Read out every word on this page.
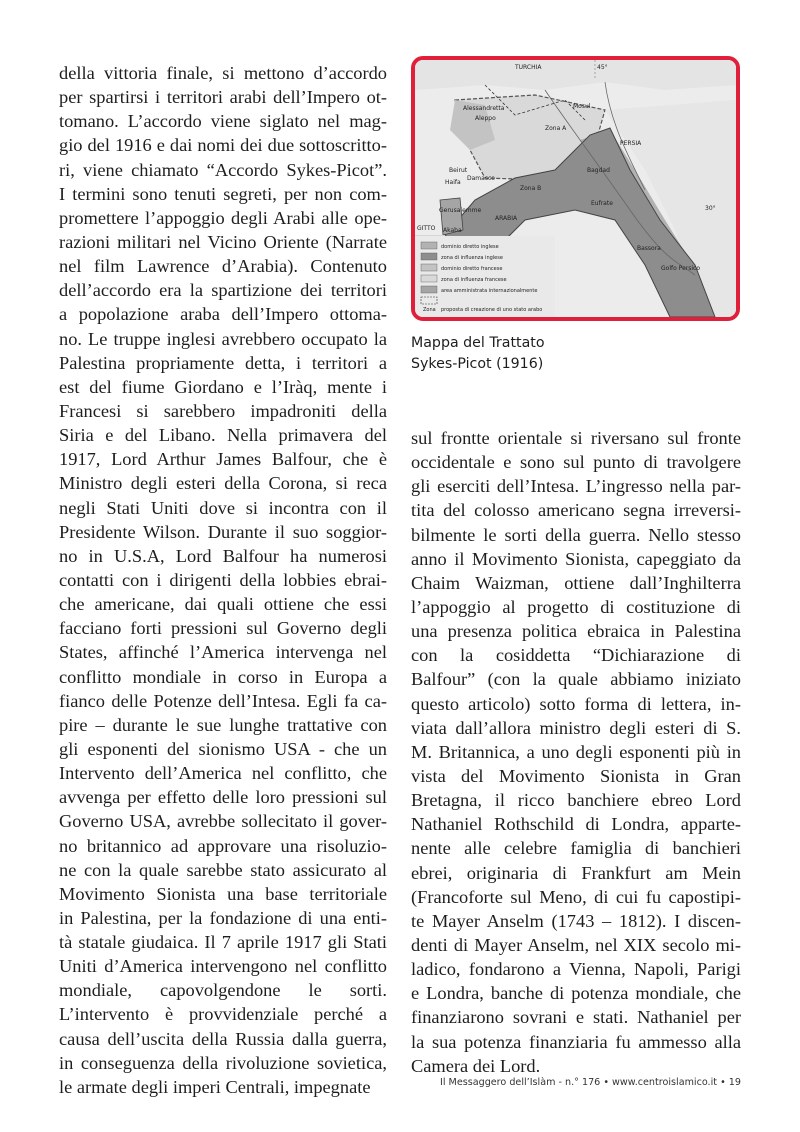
della vittoria finale, si mettono d’accordo
per spartirsi i territori arabi dell’Impero ot-
tomano. L’accordo viene siglato nel mag-
gio del 1916 e dai nomi dei due sottoscritto-
ri, viene chiamato “Accordo Sykes-Picot”.
I termini sono tenuti segreti, per non com-
promettere l’appoggio degli Arabi alle ope-
razioni militari nel Vicino Oriente (Narrate
nel film Lawrence d’Arabia). Contenuto
dell’accordo era la spartizione dei territori
a popolazione araba dell’Impero ottoma-
no. Le truppe inglesi avrebbero occupato la
Palestina propriamente detta, i territori a
est del fiume Giordano e l’Iràq, mente i
Francesi si sarebbero impadroniti della
Siria e del Libano. Nella primavera del
1917, Lord Arthur James Balfour, che è
Ministro degli esteri della Corona, si reca
negli Stati Uniti dove si incontra con il
Presidente Wilson. Durante il suo soggior-
no in U.S.A, Lord Balfour ha numerosi
contatti con i dirigenti della lobbies ebrai-
che americane, dai quali ottiene che essi
facciano forti pressioni sul Governo degli
States, affinché l’America intervenga nel
conflitto mondiale in corso in Europa a
fianco delle Potenze dell’Intesa. Egli fa ca-
pire – durante le sue lunghe trattative con
gli esponenti del sionismo USA - che un
Intervento dell’America nel conflitto, che
avvenga per effetto delle loro pressioni sul
Governo USA, avrebbe sollecitato il gover-
no britannico ad approvare una risoluzio-
ne con la quale sarebbe stato assicurato al
Movimento Sionista una base territoriale
in Palestina, per la fondazione di una enti-
tà statale giudaica. Il 7 aprile 1917 gli Stati
Uniti d’America intervengono nel conflitto
mondiale, capovolgendone le sorti.
L’intervento è provvidenziale perché a
causa dell’uscita della Russia dalla guerra,
in conseguenza della rivoluzione sovietica,
le armate degli imperi Centrali, impegnate
dominio diretto inglese
zona di influenza inglese
dominio diretto francese
zona di influenza francese
area amministrata internazionalmente
Zona proposta di creazione di uno stato arabo
TURCHIA	45°
PERSIA
Zona A
Zona B
ARABIA
GITTO
Golfo Persico
30°
Alessandretta
Aleppo
Mosul
Beirut
Haifa
Damasco
Gerusalemme
Akaba
Bagdad
Eufrate
Bassora
Mappa del Trattato
Sykes-Picot (1916)
sul frontte orientale si riversano sul fronte
occidentale e sono sul punto di travolgere
gli eserciti dell’Intesa. L’ingresso nella par-
tita del colosso americano segna irreversi-
bilmente le sorti della guerra. Nello stesso
anno il Movimento Sionista, capeggiato da
Chaim Waizman, ottiene dall’Inghilterra
l’appoggio al progetto di costituzione di
una presenza politica ebraica in Palestina
con la cosiddetta “Dichiarazione di
Balfour” (con la quale abbiamo iniziato
questo articolo) sotto forma di lettera, in-
viata dall’allora ministro degli esteri di S.
M. Britannica, a uno degli esponenti più in
vista del Movimento Sionista in Gran
Bretagna, il ricco banchiere ebreo Lord
Nathaniel Rothschild di Londra, apparte-
nente alle celebre famiglia di banchieri
ebrei, originaria di Frankfurt am Mein
(Francoforte sul Meno, di cui fu capostipi-
te Mayer Anselm (1743 – 1812). I discen-
denti di Mayer Anselm, nel XIX secolo mi-
ladico, fondarono a Vienna, Napoli, Parigi
e Londra, banche di potenza mondiale, che
finanziarono sovrani e stati. Nathaniel per
la sua potenza finanziaria fu ammesso alla
Camera dei Lord.
Il Messaggero dell’Islàm - n.° 176 • www.centroislamico.it • 19
